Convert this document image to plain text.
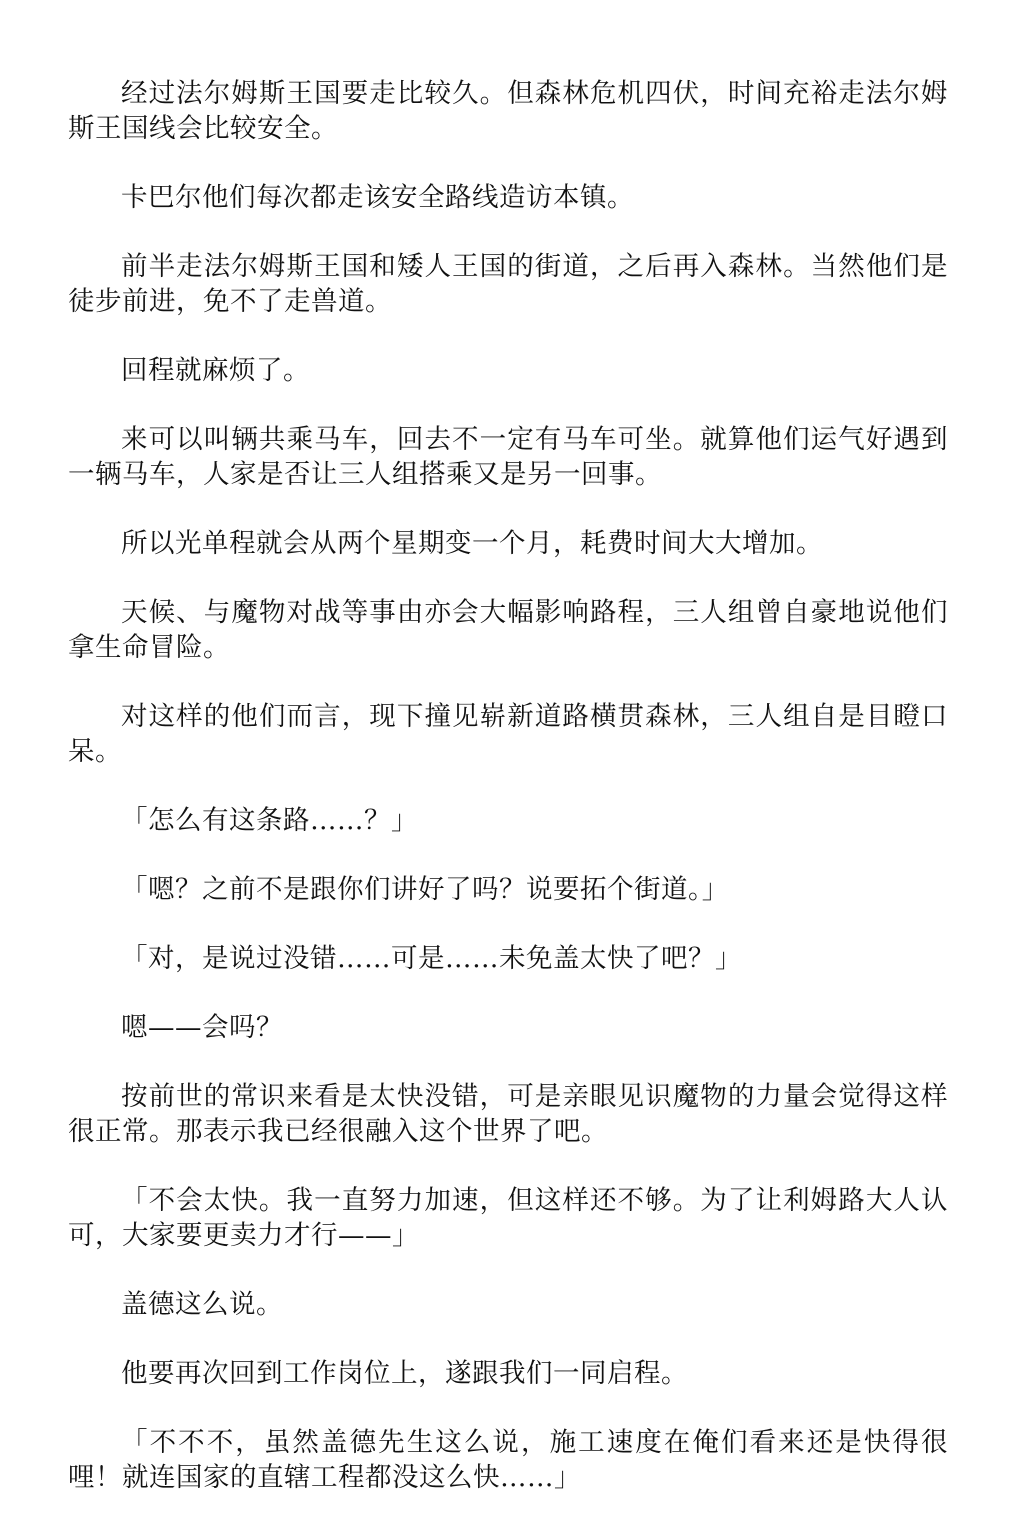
经过法尔姆斯王国要走比较久。但森林危机四伏，时间充裕走法尔姆斯王国线会比较安全。

卡巴尔他们每次都走该安全路线造访本镇。

前半走法尔姆斯王国和矮人王国的街道，之后再入森林。当然他们是徒步前进，免不了走兽道。

回程就麻烦了。

来可以叫辆共乘马车，回去不一定有马车可坐。就算他们运气好遇到一辆马车，人家是否让三人组搭乘又是另一回事。

所以光单程就会从两个星期变一个月，耗费时间大大增加。

天候、与魔物对战等事由亦会大幅影响路程，三人组曾自豪地说他们拿生命冒险。

对这样的他们而言，现下撞见崭新道路横贯森林，三人组自是目瞪口呆。

「怎么有这条路……？」

「嗯？之前不是跟你们讲好了吗？说要拓个街道。」

「对，是说过没错……可是……未免盖太快了吧？」

嗯——会吗？

按前世的常识来看是太快没错，可是亲眼见识魔物的力量会觉得这样很正常。那表示我已经很融入这个世界了吧。

「不会太快。我一直努力加速，但这样还不够。为了让利姆路大人认可，大家要更卖力才行——」

盖德这么说。

他要再次回到工作岗位上，遂跟我们一同启程。

「不不不，虽然盖德先生这么说，施工速度在俺们看来还是快得很哩！就连国家的直辖工程都没这么快……」
